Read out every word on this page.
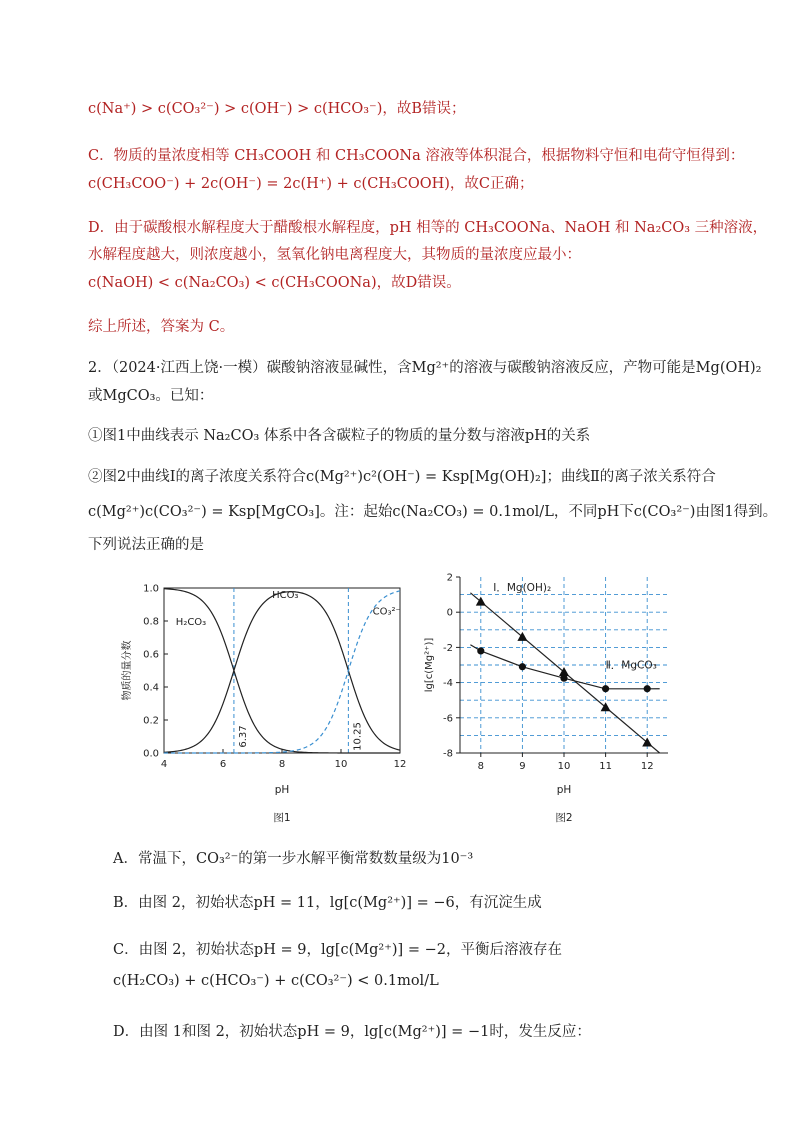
c(Na⁺) > c(CO₃²⁻) > c(OH⁻) > c(HCO₃⁻)，故B错误；
C．物质的量浓度相等 CH₃COOH 和 CH₃COONa 溶液等体积混合，根据物料守恒和电荷守恒得到：
c(CH₃COO⁻) + 2c(OH⁻) = 2c(H⁺) + c(CH₃COOH)，故C正确；
D．由于碳酸根水解程度大于醋酸根水解程度，pH 相等的 CH₃COONa、NaOH 和 Na₂CO₃ 三种溶液，
水解程度越大，则浓度越小，氢氧化钠电离程度大，其物质的量浓度应最小：
c(NaOH) < c(Na₂CO₃) < c(CH₃COONa)，故D错误。
综上所述，答案为 C。
2．（2024·江西上饶·一模）碳酸钠溶液显碱性，含Mg²⁺的溶液与碳酸钠溶液反应，产物可能是Mg(OH)₂
或MgCO₃。已知：
①图1中曲线表示 Na₂CO₃ 体系中各含碳粒子的物质的量分数与溶液pH的关系
②图2中曲线Ⅰ的离子浓度关系符合c(Mg²⁺)c²(OH⁻) = Ksp[Mg(OH)₂]；曲线Ⅱ的离子浓关系符合
c(Mg²⁺)c(CO₃²⁻) = Ksp[MgCO₃]。注：起始c(Na₂CO₃) = 0.1mol/L，不同pH下c(CO₃²⁻)由图1得到。
下列说法正确的是
4	6	8	10	12
0.0
0.2
0.4
0.6
0.8
1.0
H₂CO₃
HCO₃⁻
CO₃²⁻
6.37	10.25
物质的量分数
pH
图1
8	9	10	11	12
2
0
-2
-4
-6
-8
Ⅰ．Mg(OH)₂
Ⅱ．MgCO₃
lg[c(Mg²⁺)]
pH
图2
A．常温下，CO₃²⁻的第一步水解平衡常数数量级为10⁻³
B．由图 2，初始状态pH = 11，lg[c(Mg²⁺)] = −6，有沉淀生成
C．由图 2，初始状态pH = 9，lg[c(Mg²⁺)] = −2，平衡后溶液存在
c(H₂CO₃) + c(HCO₃⁻) + c(CO₃²⁻) < 0.1mol/L
D．由图 1和图 2，初始状态pH = 9，lg[c(Mg²⁺)] = −1时，发生反应：
